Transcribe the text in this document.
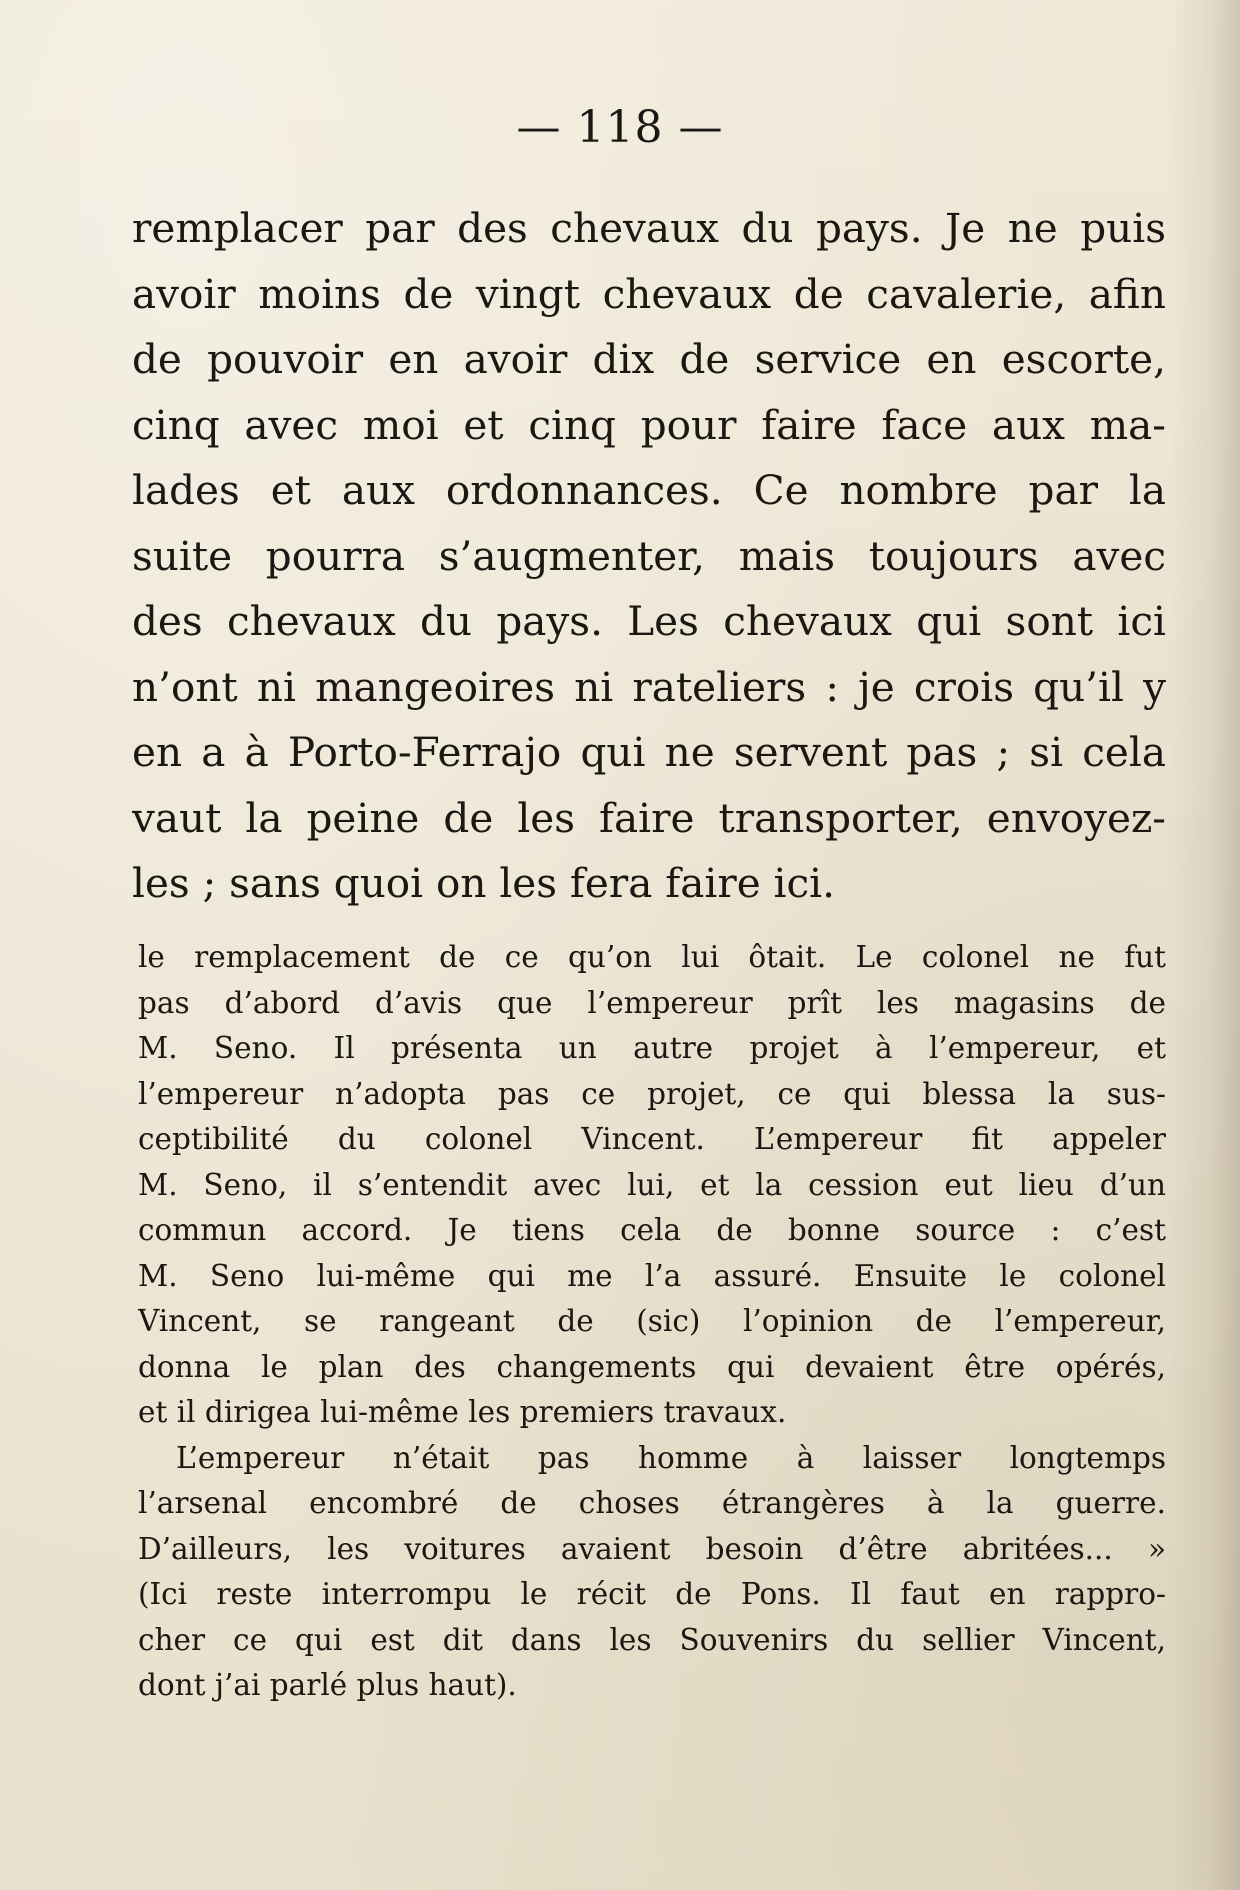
— 118 —
remplacer par des chevaux du pays. Je ne puis
avoir moins de vingt chevaux de cavalerie, afin
de pouvoir en avoir dix de service en escorte,
cinq avec moi et cinq pour faire face aux ma-
lades et aux ordonnances. Ce nombre par la
suite pourra s’augmenter, mais toujours avec
des chevaux du pays. Les chevaux qui sont ici
n’ont ni mangeoires ni rateliers : je crois qu’il y
en a à Porto-Ferrajo qui ne servent pas ; si cela
vaut la peine de les faire transporter, envoyez-
les ; sans quoi on les fera faire ici.
le remplacement de ce qu’on lui ôtait. Le colonel ne fut
pas d’abord d’avis que l’empereur prît les magasins de
M. Seno. Il présenta un autre projet à l’empereur, et
l’empereur n’adopta pas ce projet, ce qui blessa la sus-
ceptibilité du colonel Vincent. L’empereur fit appeler
M. Seno, il s’entendit avec lui, et la cession eut lieu d’un
commun accord. Je tiens cela de bonne source : c’est
M. Seno lui-même qui me l’a assuré. Ensuite le colonel
Vincent, se rangeant de (sic) l’opinion de l’empereur,
donna le plan des changements qui devaient être opérés,
et il dirigea lui-même les premiers travaux.
L’empereur n’était pas homme à laisser longtemps
l’arsenal encombré de choses étrangères à la guerre.
D’ailleurs, les voitures avaient besoin d’être abritées... »
(Ici reste interrompu le récit de Pons. Il faut en rappro-
cher ce qui est dit dans les Souvenirs du sellier Vincent,
dont j’ai parlé plus haut).
